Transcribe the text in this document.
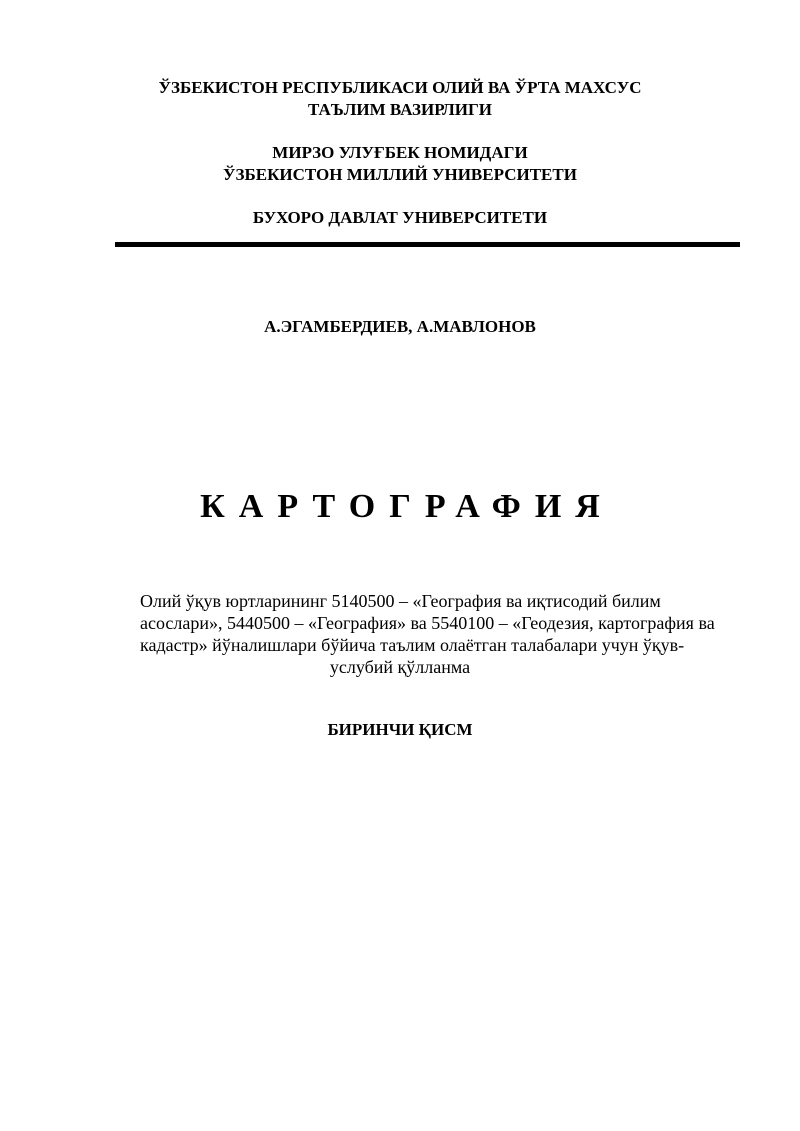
ЎЗБЕКИСТОН РЕСПУБЛИКАСИ ОЛИЙ ВА ЎРТА МАХСУС
ТАЪЛИМ ВАЗИРЛИГИ
МИРЗО УЛУҒБЕК НОМИДАГИ
ЎЗБЕКИСТОН МИЛЛИЙ УНИВЕРСИТЕТИ
БУХОРО ДАВЛАТ УНИВЕРСИТЕТИ
А.ЭГАМБЕРДИЕВ, А.МАВЛОНОВ
КАРТОГРАФИЯ
Олий ўқув юртларининг 5140500 – «География ва иқтисодий билим
асослари», 5440500 – «География» ва 5540100 – «Геодезия, картография ва
кадастр» йўналишлари бўйича таълим олаётган талабалари учун ўқув-
услубий қўлланма
БИРИНЧИ ҚИСМ
